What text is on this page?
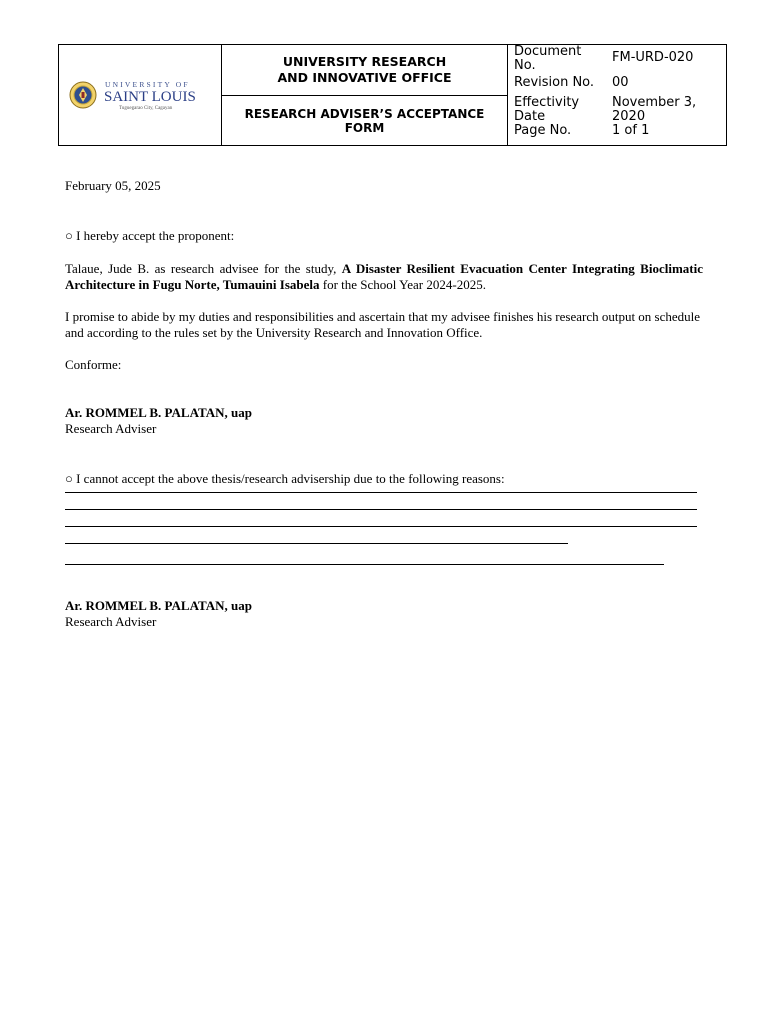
UNIVERSITY OF
SAINT LOUIS
Tuguegarao City, Cagayan
UNIVERSITY RESEARCH
AND INNOVATIVE OFFICE
RESEARCH ADVISER’S ACCEPTANCE
FORM
Document
No.
FM-URD-020
Revision No.	00
Effectivity
Date
November 3,
2020
Page No.	1 of 1

February 05, 2025

○ I hereby accept the proponent:

Talaue, Jude B. as research advisee for the study, A Disaster Resilient Evacuation Center Integrating Bioclimatic Architecture in Fugu Norte, Tumauini Isabela for the School Year 2024-2025.

I promise to abide by my duties and responsibilities and ascertain that my advisee finishes his research output on schedule and according to the rules set by the University Research and Innovation Office.

Conforme:

Ar. ROMMEL B. PALATAN, uap

Research Adviser

○ I cannot accept the above thesis/research advisership due to the following reasons:

Ar. ROMMEL B. PALATAN, uap

Research Adviser
